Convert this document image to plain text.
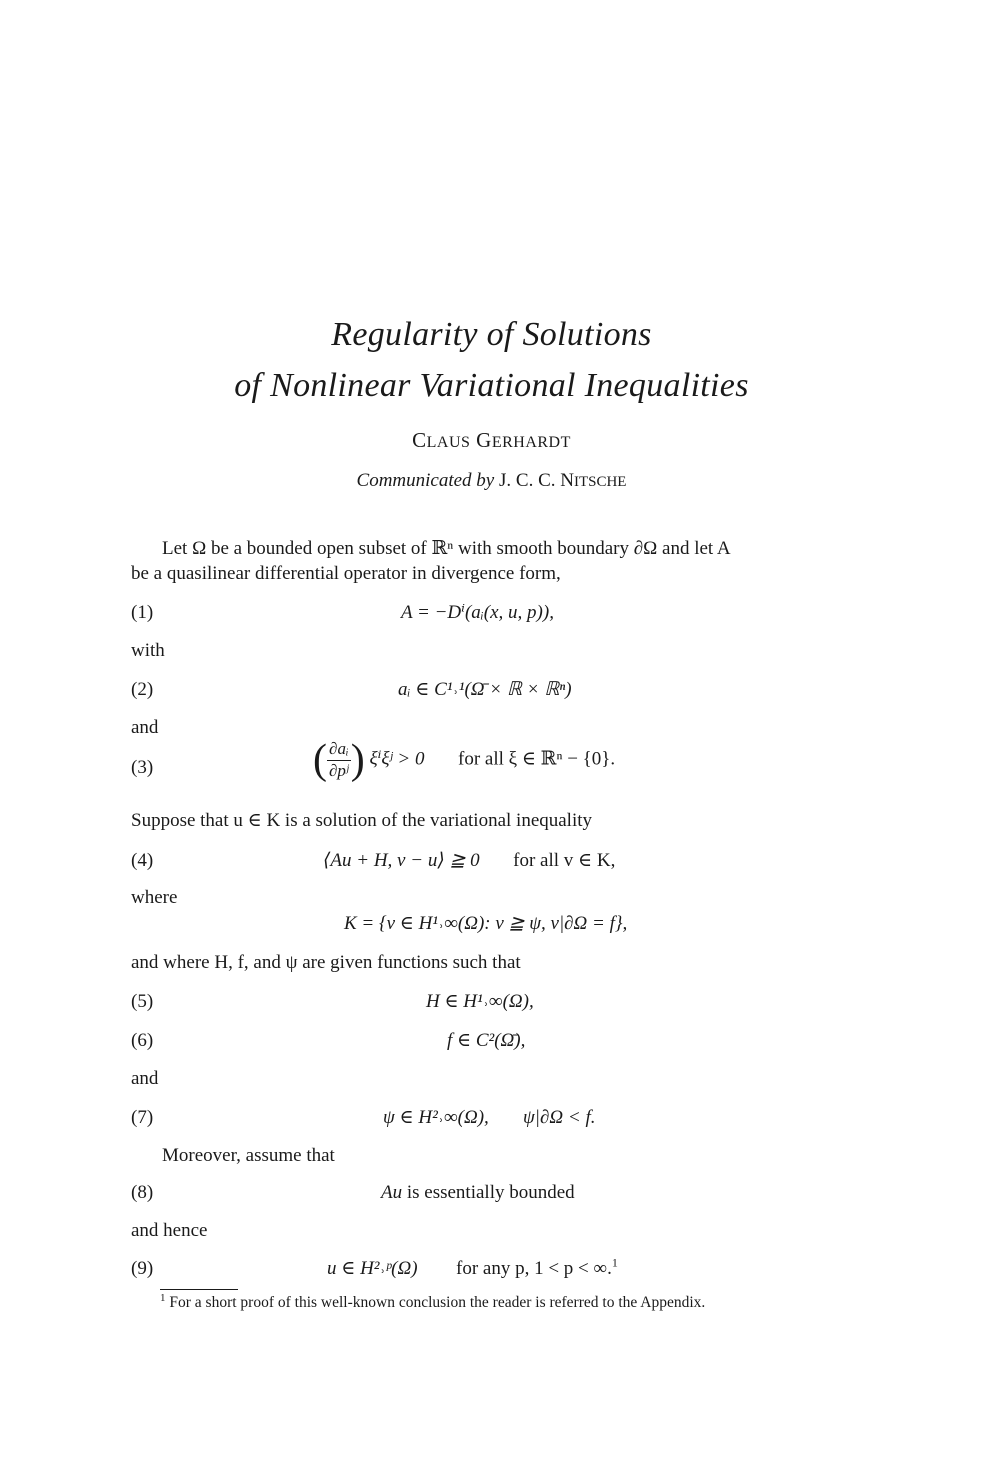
Regularity of Solutions
of Nonlinear Variational Inequalities
CLAUS GERHARDT
Communicated by J. C. C. NITSCHE
Let Ω be a bounded open subset of ℝⁿ with smooth boundary ∂Ω and let A
be a quasilinear differential operator in divergence form,
(1)	A = −Dⁱ(aᵢ(x, u, p)),
with
(2)	aᵢ ∈ C¹˒¹(Ω̄ × ℝ × ℝⁿ)
and
(3)	( $\frac{\text{∂aᵢ}}{\text{∂pʲ}}$ ) ξⁱξʲ > 0 for all ξ ∈ ℝⁿ − {0}.
Suppose that u ∈ K is a solution of the variational inequality
(4)	⟨Au + H, v − u⟩ ≧ 0 for all v ∈ K,
where
K = {v ∈ H¹˒∞(Ω): v ≧ ψ, v|∂Ω = f},
and where H, f, and ψ are given functions such that
(5)	H ∈ H¹˒∞(Ω),
(6)	f ∈ C²(Ω̄),
and
(7)	ψ ∈ H²˒∞(Ω), ψ|∂Ω < f.
Moreover, assume that
(8)	Au is essentially bounded
and hence
(9)	u ∈ H²˒ᵖ(Ω) for any p, 1 < p < ∞.$^1$
$^1$ For a short proof of this well-known conclusion the reader is referred to the Appendix.
